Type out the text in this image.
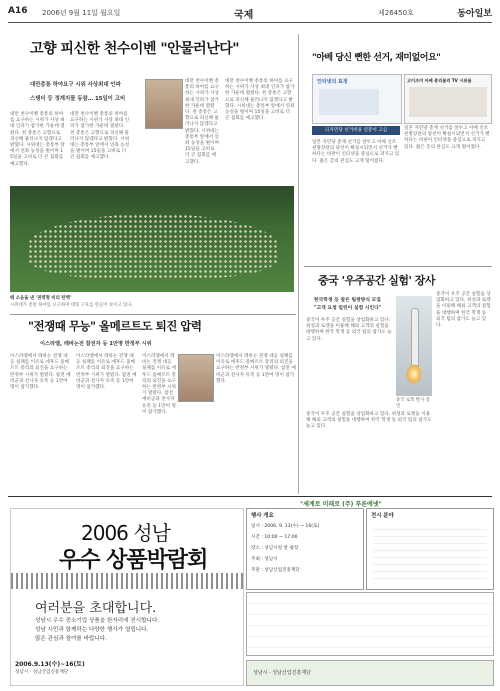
A16 2006년 9월 11일 월요일	국제	제26450호	동아일보
고향 피신한 천수이벤 "안물러난다"
대만총통 하야요구 시위 사상최대 인파
스탱더 등 정계지물 동참… 15일이 고비
대만 천수이벤 총통의 하야를 요구하는 시위가 사상 최대 인파가 참가한 가운데 열렸다. 천 총통은 고향으로 피신해 물러나지 않겠다고 밝혔다. 시위대는 총통부 앞에서 연좌 농성을 벌이며 15일을 고비로 더 큰 집회를 예고했다.
대만 천수이벤 총통의 하야를 요구하는 시위가 사상 최대 인파가 참가한 가운데 열렸다. 천 총통은 고향으로 피신해 물러나지 않겠다고 밝혔다. 시위대는 총통부 앞에서 연좌 농성을 벌이며 15일을 고비로 더 큰 집회를 예고했다.
대만 천수이벤 총통의 하야를 요구하는 시위가 사상 최대 인파가 참가한 가운데 열렸다. 천 총통은 고향으로 피신해 물러나지 않겠다고 밝혔다. 시위대는 총통부 앞에서 연좌 농성을 벌이며 15일을 고비로 더 큰 집회를 예고했다.
대만 천수이벤 총통의 하야를 요구하는 시위가 사상 최대 인파가 참가한 가운데 열렸다. 천 총통은 고향으로 피신해 물러나지 않겠다고 밝혔다. 시위대는 총통부 앞에서 연좌 농성을 벌이며 15일을 고비로 더 큰 집회를 예고했다.
떼 소음을 낸 '권력형 비리 탄핵'
시위대가 총통 하야를 요구하며 대형 구호를 만들어 보이고 있다.
"전쟁때 무능" 올메르트도 퇴진 압력
이스라엘, 레바논전 참전자 등 1만명 반정부 시위
이스라엘에서 레바논 전쟁 대응 실패를 이유로 에후드 올메르트 총리의 퇴진을 요구하는 반정부 시위가 열렸다. 참전 예비군과 전사자 유족 등 1만여 명이 참가했다.
이스라엘에서 레바논 전쟁 대응 실패를 이유로 에후드 올메르트 총리의 퇴진을 요구하는 반정부 시위가 열렸다. 참전 예비군과 전사자 유족 등 1만여 명이 참가했다.
이스라엘에서 레바논 전쟁 대응 실패를 이유로 에후드 올메르트 총리의 퇴진을 요구하는 반정부 시위가 열렸다. 참전 예비군과 전사자 유족 등 1만여 명이 참가했다.
이스라엘에서 레바논 전쟁 대응 실패를 이유로 에후드 올메르트 총리의 퇴진을 요구하는 반정부 시위가 열렸다. 참전 예비군과 전사자 유족 등 1만여 명이 참가했다.
"아베 당신 뻔한 선거, 재미없어요"
인터넷의 표정	고이즈미 아베 총리물러 TV 시위물
日자민당 선거비용 연봉이 고심
일본 자민당 총재 선거를 앞두고 아베 신조 관방장관의 당선이 확실시되면서 선거가 뻔하다는 비판이 인터넷을 중심으로 퍼지고 있다. 젊은 층의 관심도 크게 떨어졌다.
일본 자민당 총재 선거를 앞두고 아베 신조 관방장관의 당선이 확실시되면서 선거가 뻔하다는 비판이 인터넷을 중심으로 퍼지고 있다. 젊은 층의 관심도 크게 떨어졌다.
중국 '우주공간 실험' 장사
한국학생 등 참은 팀쌍방식 모집
"고객 요청 밀린이 실험 시킨다"
중국이 우주 공간 실험을 상업화하고 있다. 위성과 로켓을 이용해 해외 고객의 실험을 대행하며 한국 학생 등 외국 팀의 참가도 늘고 있다.
중국 로켓 발사 장면
중국이 우주 공간 실험을 상업화하고 있다. 위성과 로켓을 이용해 해외 고객의 실험을 대행하며 한국 학생 등 외국 팀의 참가도 늘고 있다.
중국이 우주 공간 실험을 상업화하고 있다. 위성과 로켓을 이용해 해외 고객의 실험을 대행하며 한국 학생 등 외국 팀의 참가도 늘고 있다.
"세계로 미래로 (주) 푸른에넷"
2006 성남
우수 상품박람회
여러분을 초대합니다.
성남시 우수 중소기업 상품을 한자리에 전시합니다.
성남 시민과 함께하는 다양한 행사가 열립니다.
많은 관심과 참여를 바랍니다.
2006.9.13(수)~16(토)
성남시 · 성남산업진흥재단
행사 개요
일시 : 2006. 9. 13(수) ~ 16(토)
시간 : 10:00 ~ 17:00
장소 : 성남시청 앞 광장
주최 : 성남시
주관 : 성남산업진흥재단
전시 분야
성남시 · 성남산업진흥재단
